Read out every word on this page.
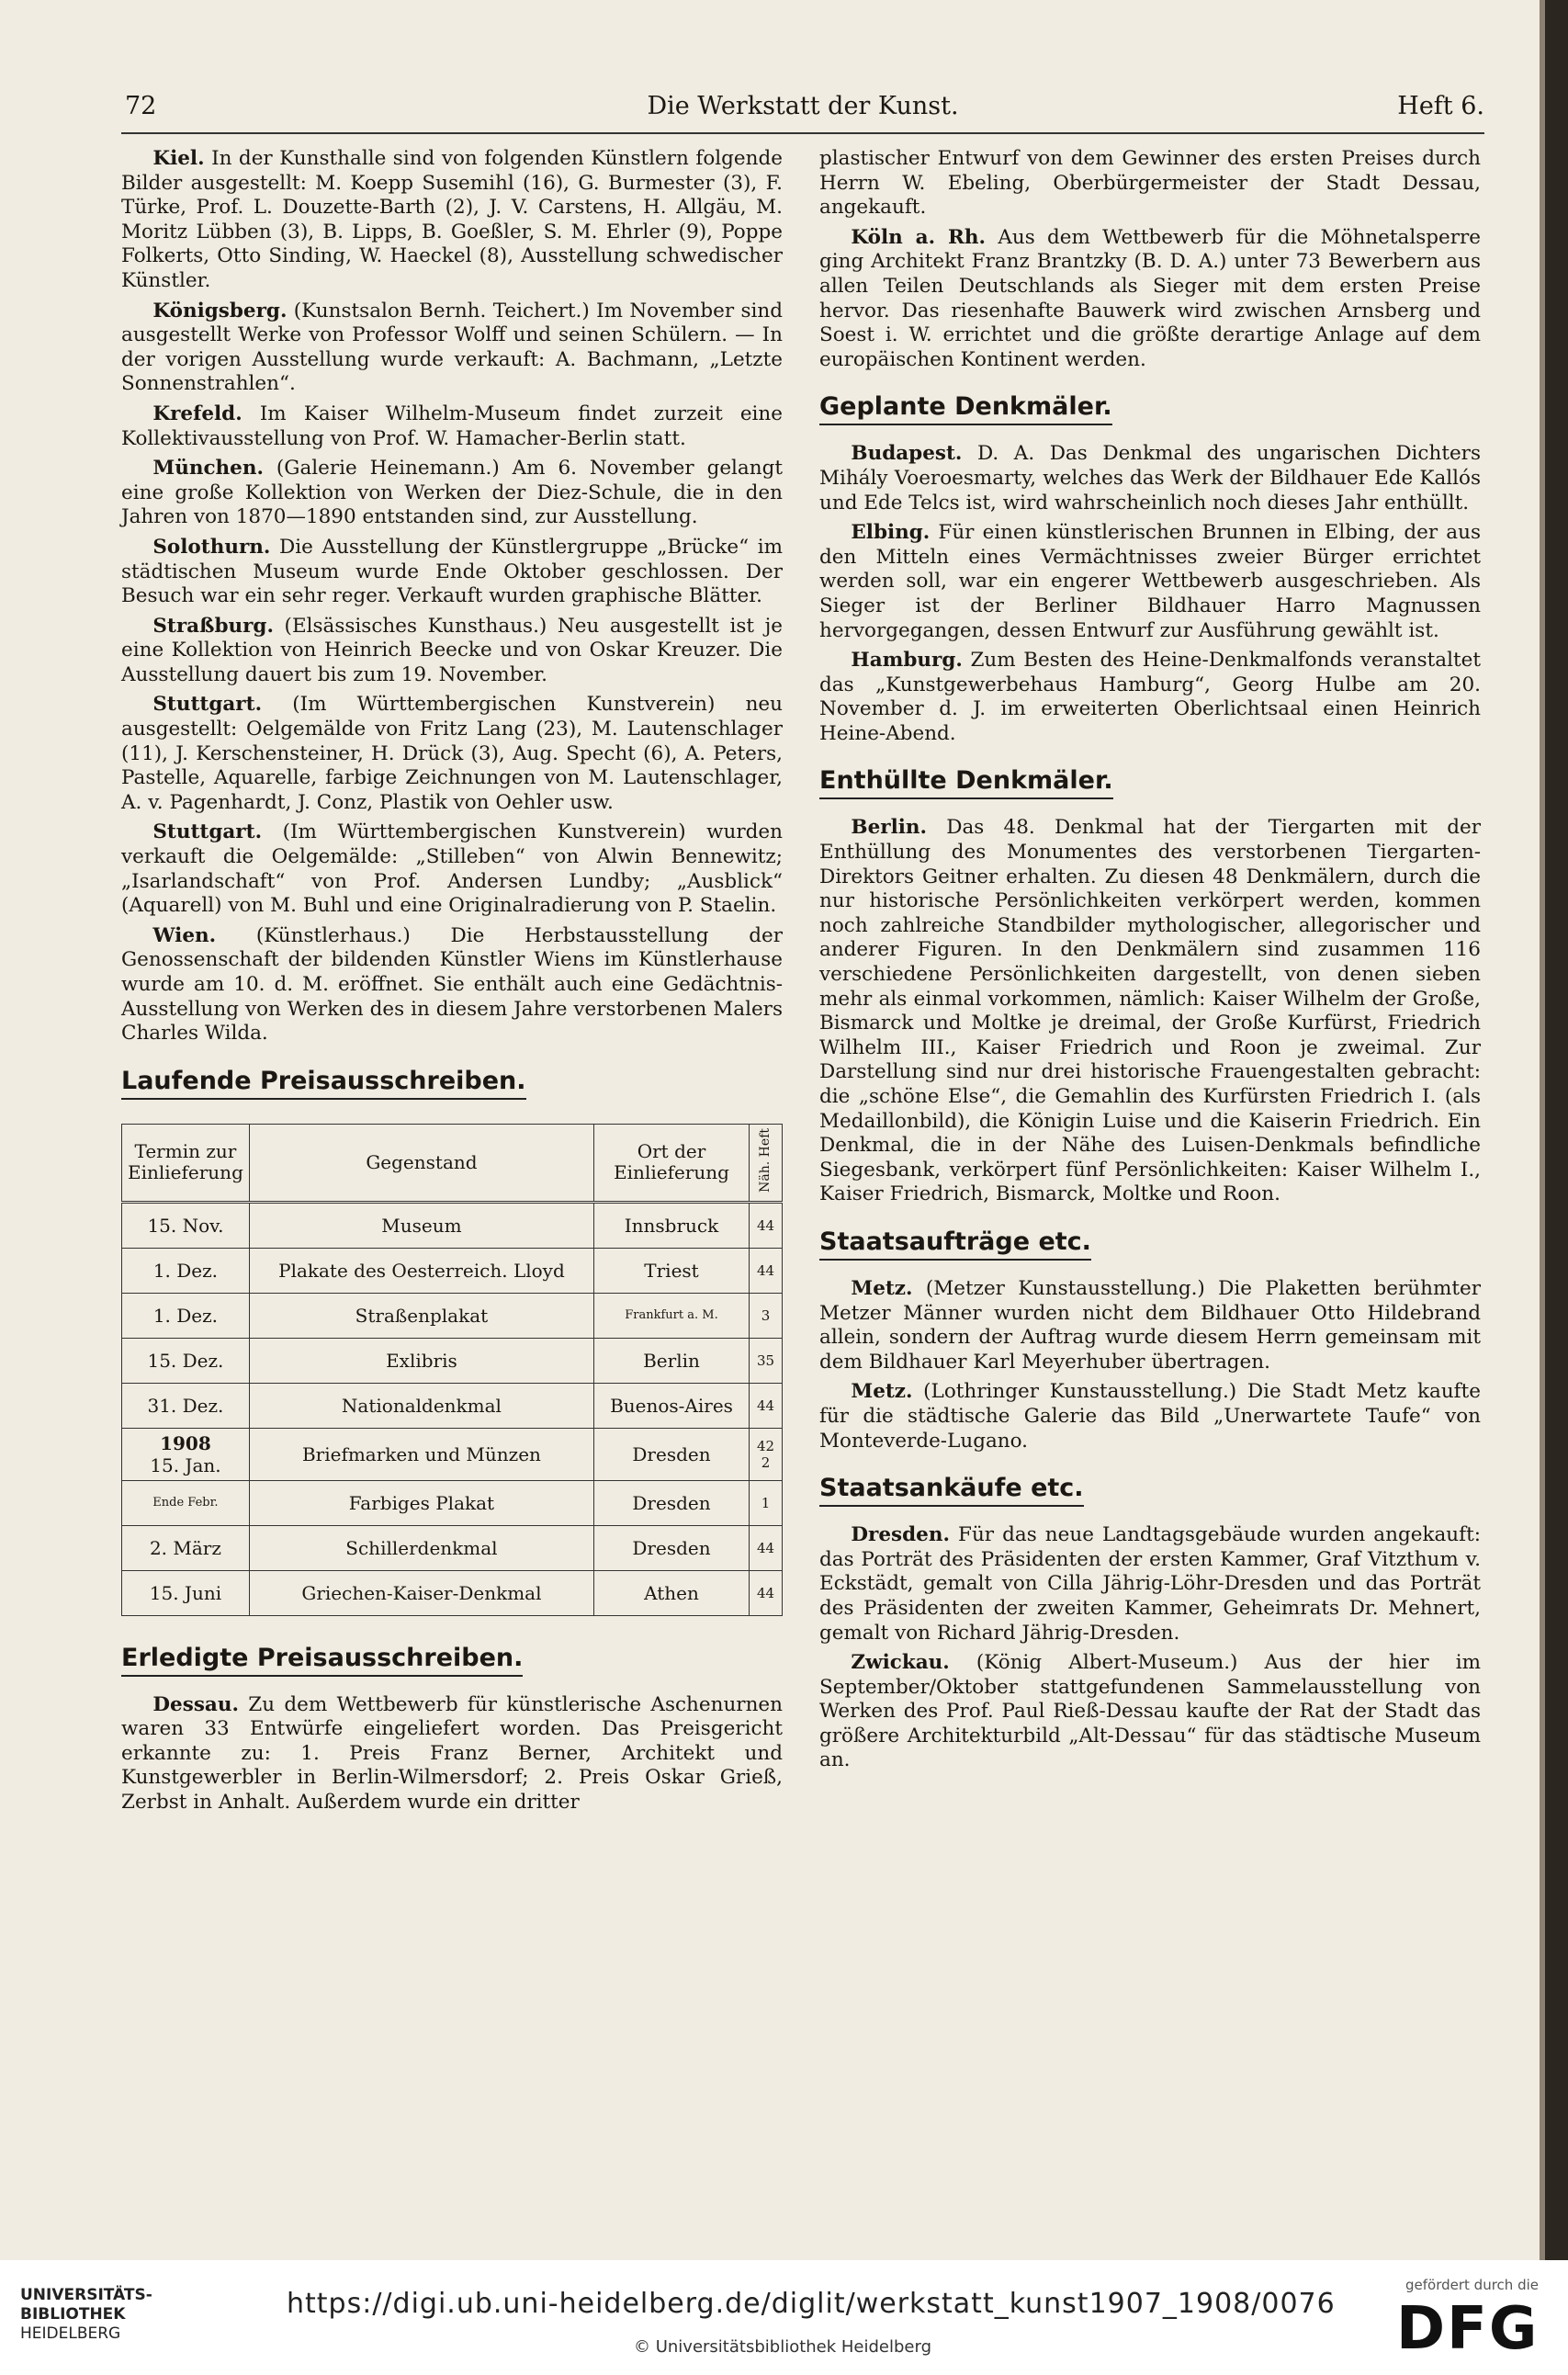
72	Die Werkstatt der Kunst.	Heft 6.

Kiel. In der Kunsthalle sind von folgenden Künstlern folgende Bilder ausgestellt: M. Koepp Susemihl (16), G. Burmester (3), F. Türke, Prof. L. Douzette-Barth (2), J. V. Carstens, H. Allgäu, M. Moritz Lübben (3), B. Lipps, B. Goeßler, S. M. Ehrler (9), Poppe Folkerts, Otto Sinding, W. Haeckel (8), Ausstellung schwedischer Künstler.

Königsberg. (Kunstsalon Bernh. Teichert.) Im November sind ausgestellt Werke von Professor Wolff und seinen Schülern. — In der vorigen Ausstellung wurde verkauft: A. Bachmann, „Letzte Sonnenstrahlen“.

Krefeld. Im Kaiser Wilhelm-Museum findet zurzeit eine Kollektivausstellung von Prof. W. Hamacher-Berlin statt.

München. (Galerie Heinemann.) Am 6. November gelangt eine große Kollektion von Werken der Diez-Schule, die in den Jahren von 1870—1890 entstanden sind, zur Ausstellung.

Solothurn. Die Ausstellung der Künstlergruppe „Brücke“ im städtischen Museum wurde Ende Oktober geschlossen. Der Besuch war ein sehr reger. Verkauft wurden graphische Blätter.

Straßburg. (Elsässisches Kunsthaus.) Neu ausgestellt ist je eine Kollektion von Heinrich Beecke und von Oskar Kreuzer. Die Ausstellung dauert bis zum 19. November.

Stuttgart. (Im Württembergischen Kunstverein) neu ausgestellt: Oelgemälde von Fritz Lang (23), M. Lautenschlager (11), J. Kerschensteiner, H. Drück (3), Aug. Specht (6), A. Peters, Pastelle, Aquarelle, farbige Zeichnungen von M. Lautenschlager, A. v. Pagenhardt, J. Conz, Plastik von Oehler usw.

Stuttgart. (Im Württembergischen Kunstverein) wurden verkauft die Oelgemälde: „Stilleben“ von Alwin Bennewitz; „Isarlandschaft“ von Prof. Andersen Lundby; „Ausblick“ (Aquarell) von M. Buhl und eine Originalradierung von P. Staelin.

Wien. (Künstlerhaus.) Die Herbstausstellung der Genossenschaft der bildenden Künstler Wiens im Künstlerhause wurde am 10. d. M. eröffnet. Sie enthält auch eine Gedächtnis-Ausstellung von Werken des in diesem Jahre verstorbenen Malers Charles Wilda.

Laufende Preisausschreiben.
Termin zur Einlieferung	Gegenstand	Ort der Einlieferung	Näh. Heft
15. Nov.	Museum	Innsbruck	44
1. Dez.	Plakate des Oesterreich. Lloyd	Triest	44
1. Dez.	Straßenplakat	Frankfurt a. M.	3
15. Dez.	Exlibris	Berlin	35
31. Dez.	Nationaldenkmal	Buenos-Aires	44

1908
15. Jan.	Briefmarken und Münzen	Dresden	42 2
Ende Febr.	Farbiges Plakat	Dresden	1
2. März	Schillerdenkmal	Dresden	44
15. Juni	Griechen-Kaiser-Denkmal	Athen	44
Erledigte Preisausschreiben.

Dessau. Zu dem Wettbewerb für künstlerische Aschenurnen waren 33 Entwürfe eingeliefert worden. Das Preisgericht erkannte zu: 1. Preis Franz Berner, Architekt und Kunstgewerbler in Berlin-Wilmersdorf; 2. Preis Oskar Grieß, Zerbst in Anhalt. Außerdem wurde ein dritter

plastischer Entwurf von dem Gewinner des ersten Preises durch Herrn W. Ebeling, Oberbürgermeister der Stadt Dessau, angekauft.

Köln a. Rh. Aus dem Wettbewerb für die Möhnetalsperre ging Architekt Franz Brantzky (B. D. A.) unter 73 Bewerbern aus allen Teilen Deutschlands als Sieger mit dem ersten Preise hervor. Das riesenhafte Bauwerk wird zwischen Arnsberg und Soest i. W. errichtet und die größte derartige Anlage auf dem europäischen Kontinent werden.

Geplante Denkmäler.

Budapest. D. A. Das Denkmal des ungarischen Dichters Mihály Voeroesmarty, welches das Werk der Bildhauer Ede Kallós und Ede Telcs ist, wird wahrscheinlich noch dieses Jahr enthüllt.

Elbing. Für einen künstlerischen Brunnen in Elbing, der aus den Mitteln eines Vermächtnisses zweier Bürger errichtet werden soll, war ein engerer Wettbewerb ausgeschrieben. Als Sieger ist der Berliner Bildhauer Harro Magnussen hervorgegangen, dessen Entwurf zur Ausführung gewählt ist.

Hamburg. Zum Besten des Heine-Denkmalfonds veranstaltet das „Kunstgewerbehaus Hamburg“, Georg Hulbe am 20. November d. J. im erweiterten Oberlichtsaal einen Heinrich Heine-Abend.

Enthüllte Denkmäler.

Berlin. Das 48. Denkmal hat der Tiergarten mit der Enthüllung des Monumentes des verstorbenen Tiergarten-Direktors Geitner erhalten. Zu diesen 48 Denkmälern, durch die nur historische Persönlichkeiten verkörpert werden, kommen noch zahlreiche Standbilder mythologischer, allegorischer und anderer Figuren. In den Denkmälern sind zusammen 116 verschiedene Persönlichkeiten dargestellt, von denen sieben mehr als einmal vorkommen, nämlich: Kaiser Wilhelm der Große, Bismarck und Moltke je dreimal, der Große Kurfürst, Friedrich Wilhelm III., Kaiser Friedrich und Roon je zweimal. Zur Darstellung sind nur drei historische Frauengestalten gebracht: die „schöne Else“, die Gemahlin des Kurfürsten Friedrich I. (als Medaillonbild), die Königin Luise und die Kaiserin Friedrich. Ein Denkmal, die in der Nähe des Luisen-Denkmals befindliche Siegesbank, verkörpert fünf Persönlichkeiten: Kaiser Wilhelm I., Kaiser Friedrich, Bismarck, Moltke und Roon.

Staatsaufträge etc.

Metz. (Metzer Kunstausstellung.) Die Plaketten berühmter Metzer Männer wurden nicht dem Bildhauer Otto Hildebrand allein, sondern der Auftrag wurde diesem Herrn gemeinsam mit dem Bildhauer Karl Meyerhuber übertragen.

Metz. (Lothringer Kunstausstellung.) Die Stadt Metz kaufte für die städtische Galerie das Bild „Unerwartete Taufe“ von Monteverde-Lugano.

Staatsankäufe etc.

Dresden. Für das neue Landtagsgebäude wurden angekauft: das Porträt des Präsidenten der ersten Kammer, Graf Vitzthum v. Eckstädt, gemalt von Cilla Jährig-Löhr-Dresden und das Porträt des Präsidenten der zweiten Kammer, Geheimrats Dr. Mehnert, gemalt von Richard Jährig-Dresden.

Zwickau. (König Albert-Museum.) Aus der hier im September/Oktober stattgefundenen Sammelausstellung von Werken des Prof. Paul Rieß-Dessau kaufte der Rat der Stadt das größere Architekturbild „Alt-Dessau“ für das städtische Museum an.

UNIVERSITÄTS-
BIBLIOTHEK
HEIDELBERG
https://digi.ub.uni-heidelberg.de/diglit/werkstatt_kunst1907_1908/0076
© Universitätsbibliothek Heidelberg
gefördert durch die
DFG
